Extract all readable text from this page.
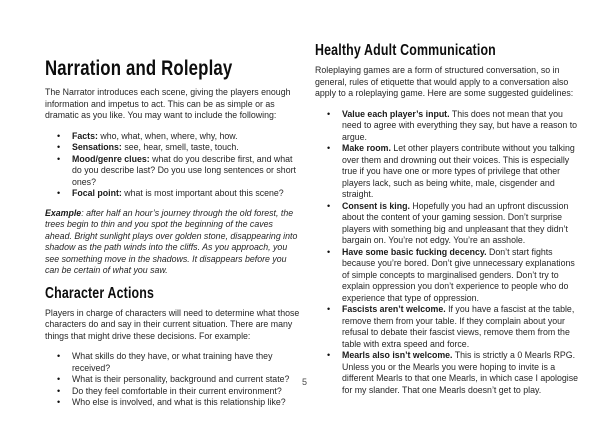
Narration and Roleplay

The Narrator introduces each scene, giving the players enough information and impetus to act. This can be as simple or as dramatic as you like. You may want to include the following:

• Facts: who, what, when, where, why, how.
• Sensations: see, hear, smell, taste, touch.
• Mood/genre clues: what do you describe first, and what do you describe last? Do you use long sentences or short ones?
• Focal point: what is most important about this scene?

Example: after half an hour’s journey through the old forest, the trees begin to thin and you spot the beginning of the caves ahead. Bright sunlight plays over golden stone, disappearing into shadow as the path winds into the cliffs. As you approach, you see something move in the shadows. It disappears before you can be certain of what you saw.

Character Actions

Players in charge of characters will need to determine what those characters do and say in their current situation. There are many things that might drive these decisions. For example:

• What skills do they have, or what training have they received?
• What is their personality, background and current state?
• Do they feel comfortable in their current environment?
• Who else is involved, and what is this relationship like?
Healthy Adult Communication

Roleplaying games are a form of structured conversation, so in general, rules of etiquette that would apply to a conversation also apply to a roleplaying game. Here are some suggested guidelines:

• Value each player’s input. This does not mean that you need to agree with everything they say, but have a reason to argue.
• Make room. Let other players contribute without you talking over them and drowning out their voices. This is especially true if you have one or more types of privilege that other players lack, such as being white, male, cisgender and straight.
• Consent is king. Hopefully you had an upfront discussion about the content of your gaming session. Don’t surprise players with something big and unpleasant that they didn’t bargain on. You’re not edgy. You’re an asshole.
• Have some basic fucking decency. Don’t start fights because you’re bored. Don’t give unnecessary explanations of simple concepts to marginalised genders. Don’t try to explain oppression you don’t experience to people who do experience that type of oppression.
• Fascists aren’t welcome. If you have a fascist at the table, remove them from your table. If they complain about your refusal to debate their fascist views, remove them from the table with extra speed and force.
• Mearls also isn’t welcome. This is strictly a 0 Mearls RPG. Unless you or the Mearls you were hoping to invite is a different Mearls to that one Mearls, in which case I apologise for my slander. That one Mearls doesn’t get to play.
5
